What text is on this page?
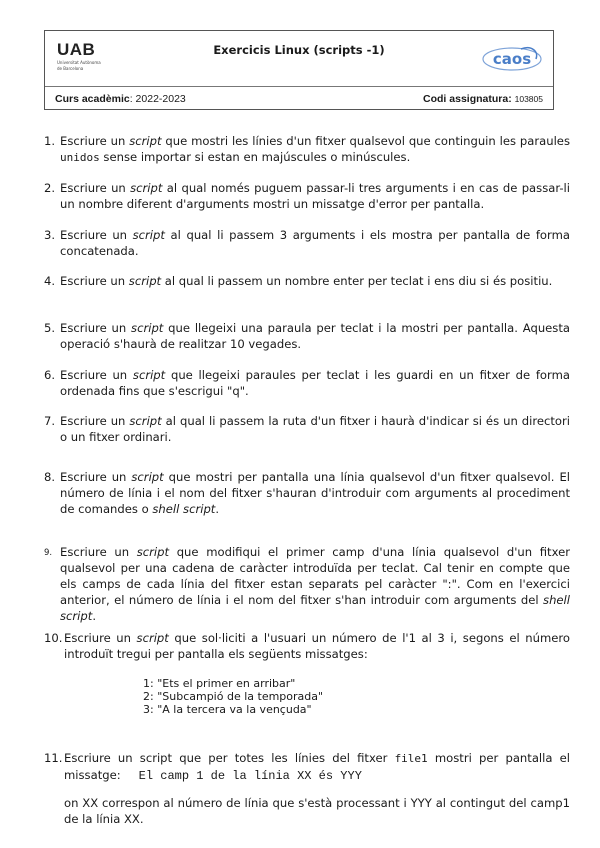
UAB
Universitat Autònoma
de Barcelona
Exercicis Linux (scripts -1)	caos
Curs acadèmic: 2022-2023	Codi assignatura: 103805
1. Escriure un script que mostri les línies d'un fitxer qualsevol que continguin les paraules unidos sense importar si estan en majúscules o minúscules.
2. Escriure un script al qual només puguem passar-li tres arguments i en cas de passar-li un nombre diferent d'arguments mostri un missatge d'error per pantalla.
3. Escriure un script al qual li passem 3 arguments i els mostra per pantalla de forma concatenada.
4. Escriure un script al qual li passem un nombre enter per teclat i ens diu si és positiu.
5. Escriure un script que llegeixi una paraula per teclat i la mostri per pantalla. Aquesta operació s'haurà de realitzar 10 vegades.
6. Escriure un script que llegeixi paraules per teclat i les guardi en un fitxer de forma ordenada fins que s'escrigui "q".
7. Escriure un script al qual li passem la ruta d'un fitxer i haurà d'indicar si és un directori o un fitxer ordinari.
8. Escriure un script que mostri per pantalla una línia qualsevol d'un fitxer qualsevol. El número de línia i el nom del fitxer s'hauran d'introduir com arguments al procediment de comandes o shell script.
9. Escriure un script que modifiqui el primer camp d'una línia qualsevol d'un fitxer qualsevol per una cadena de caràcter introduïda per teclat. Cal tenir en compte que els camps de cada línia del fitxer estan separats pel caràcter ":". Com en l'exercici anterior, el número de línia i el nom del fitxer s'han introduir com arguments del shell script.
10. Escriure un script que sol·liciti a l'usuari un número de l'1 al 3 i, segons el número introduït tregui per pantalla els següents missatges:
11. Escriure un script que per totes les línies del fitxer file1 mostri per pantalla el missatge: El camp 1 de la línia XX és YYY
1: "Ets el primer en arribar"
2: "Subcampió de la temporada"
3: "A la tercera va la vençuda"
on XX correspon al número de línia que s'està processant i YYY al contingut del camp1 de la línia XX.
